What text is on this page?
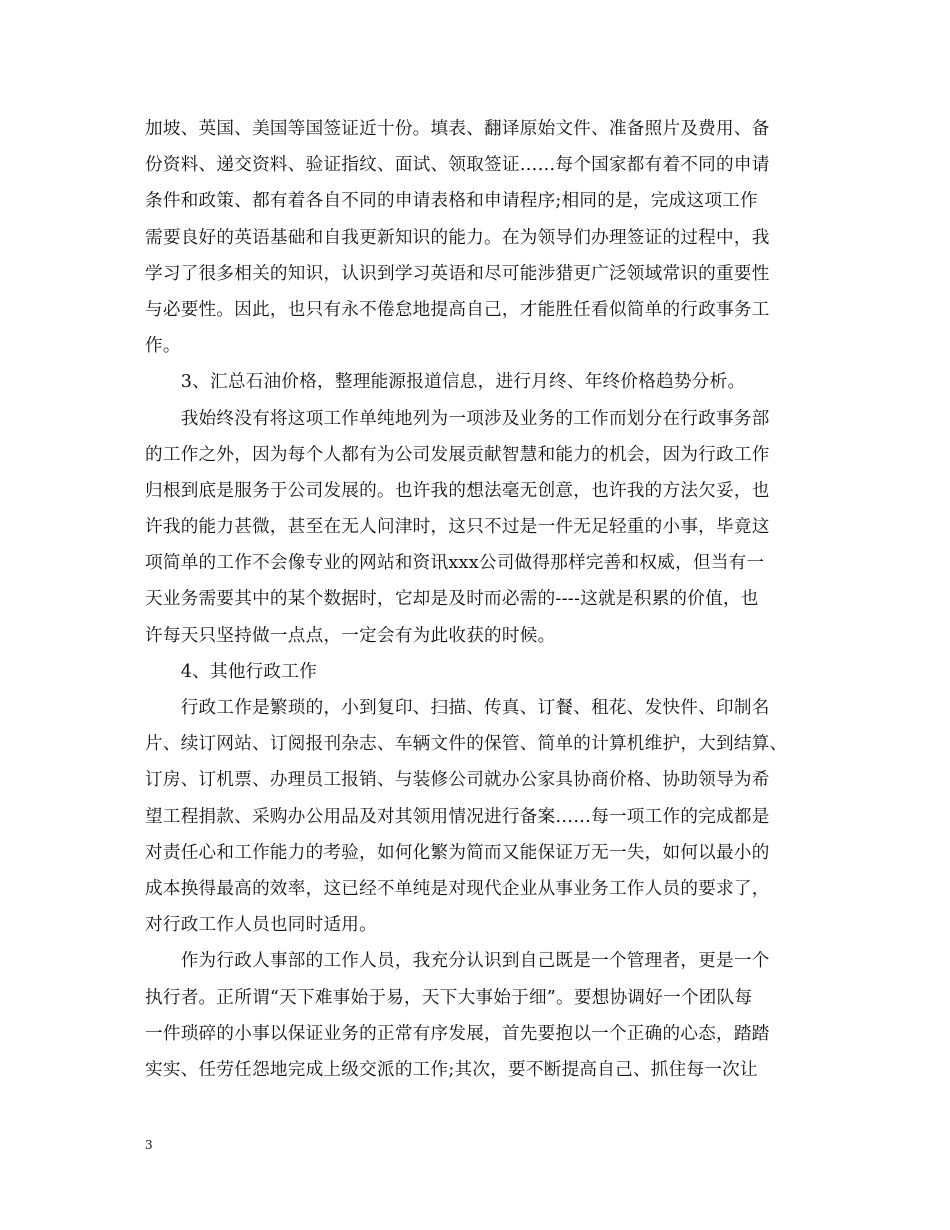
加坡、英国、美国等国签证近十份。填表、翻译原始文件、准备照片及费用、备
份资料、递交资料、验证指纹、面试、领取签证……每个国家都有着不同的申请
条件和政策、都有着各自不同的申请表格和申请程序;相同的是，完成这项工作
需要良好的英语基础和自我更新知识的能力。在为领导们办理签证的过程中，我
学习了很多相关的知识，认识到学习英语和尽可能涉猎更广泛领域常识的重要性
与必要性。因此，也只有永不倦怠地提高自己，才能胜任看似简单的行政事务工
作。
　　3、汇总石油价格，整理能源报道信息，进行月终、年终价格趋势分析。
　　我始终没有将这项工作单纯地列为一项涉及业务的工作而划分在行政事务部
的工作之外，因为每个人都有为公司发展贡献智慧和能力的机会，因为行政工作
归根到底是服务于公司发展的。也许我的想法毫无创意，也许我的方法欠妥，也
许我的能力甚微，甚至在无人问津时，这只不过是一件无足轻重的小事，毕竟这
项简单的工作不会像专业的网站和资讯xxx公司做得那样完善和权威，但当有一
天业务需要其中的某个数据时，它却是及时而必需的----这就是积累的价值，也
许每天只坚持做一点点，一定会有为此收获的时候。
　　4、其他行政工作
　　行政工作是繁琐的，小到复印、扫描、传真、订餐、租花、发快件、印制名
片、续订网站、订阅报刊杂志、车辆文件的保管、简单的计算机维护，大到结算、
订房、订机票、办理员工报销、与装修公司就办公家具协商价格、协助领导为希
望工程捐款、采购办公用品及对其领用情况进行备案……每一项工作的完成都是
对责任心和工作能力的考验，如何化繁为简而又能保证万无一失，如何以最小的
成本换得最高的效率，这已经不单纯是对现代企业从事业务工作人员的要求了，
对行政工作人员也同时适用。
　　作为行政人事部的工作人员，我充分认识到自己既是一个管理者，更是一个
执行者。正所谓“天下难事始于易，天下大事始于细”。要想协调好一个团队每
一件琐碎的小事以保证业务的正常有序发展，首先要抱以一个正确的心态，踏踏
实实、任劳任怨地完成上级交派的工作;其次，要不断提高自己、抓住每一次让
3
